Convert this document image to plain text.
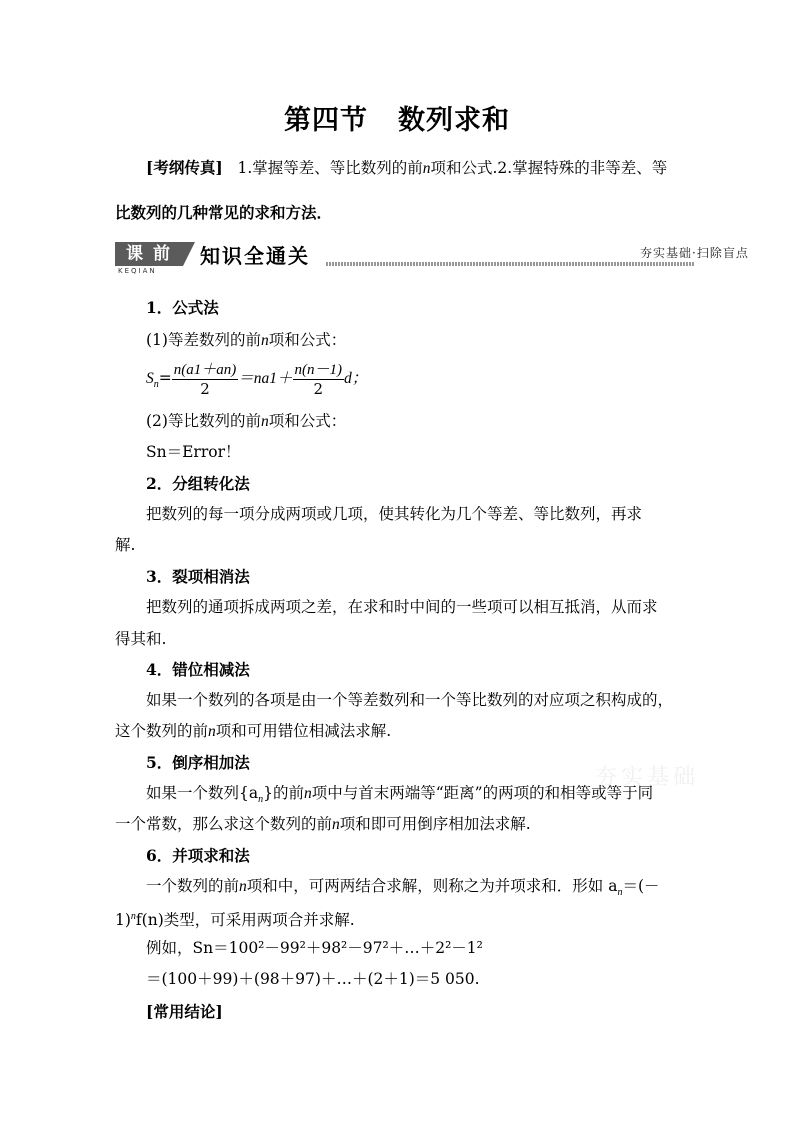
第四节 数列求和
[考纲传真] 1.掌握等差、等比数列的前n项和公式.2.掌握特殊的非等差、等
比数列的几种常见的求和方法．
课 前
KEQIAN
知识全通关	夯实基础·扫除盲点
1．公式法
(1)等差数列的前n项和公式：
$S_n= \frac{n(a1+an)}{2} =na1+ \frac{n(n-1)}{2}$ d；
(2)等比数列的前n项和公式：
Sn＝Error！
2．分组转化法
把数列的每一项分成两项或几项，使其转化为几个等差、等比数列，再求
解.
3．裂项相消法
把数列的通项拆成两项之差，在求和时中间的一些项可以相互抵消，从而求
得其和.
4．错位相减法
如果一个数列的各项是由一个等差数列和一个等比数列的对应项之积构成的，
这个数列的前n项和可用错位相减法求解.
5．倒序相加法
如果一个数列$\{a_n\}$的前n项中与首末两端等“距离”的两项的和相等或等于同
一个常数，那么求这个数列的前n项和即可用倒序相加法求解.
6．并项求和法
一个数列的前n项和中，可两两结合求解，则称之为并项求和．形如 $a_n=(-$
1)$^n$f(n)类型，可采用两项合并求解.
例如，Sn＝100²－99²＋98²－97²＋…＋2²－1²
＝(100＋99)＋(98＋97)＋…＋(2＋1)＝5 050.
[常用结论]
夯实基础
